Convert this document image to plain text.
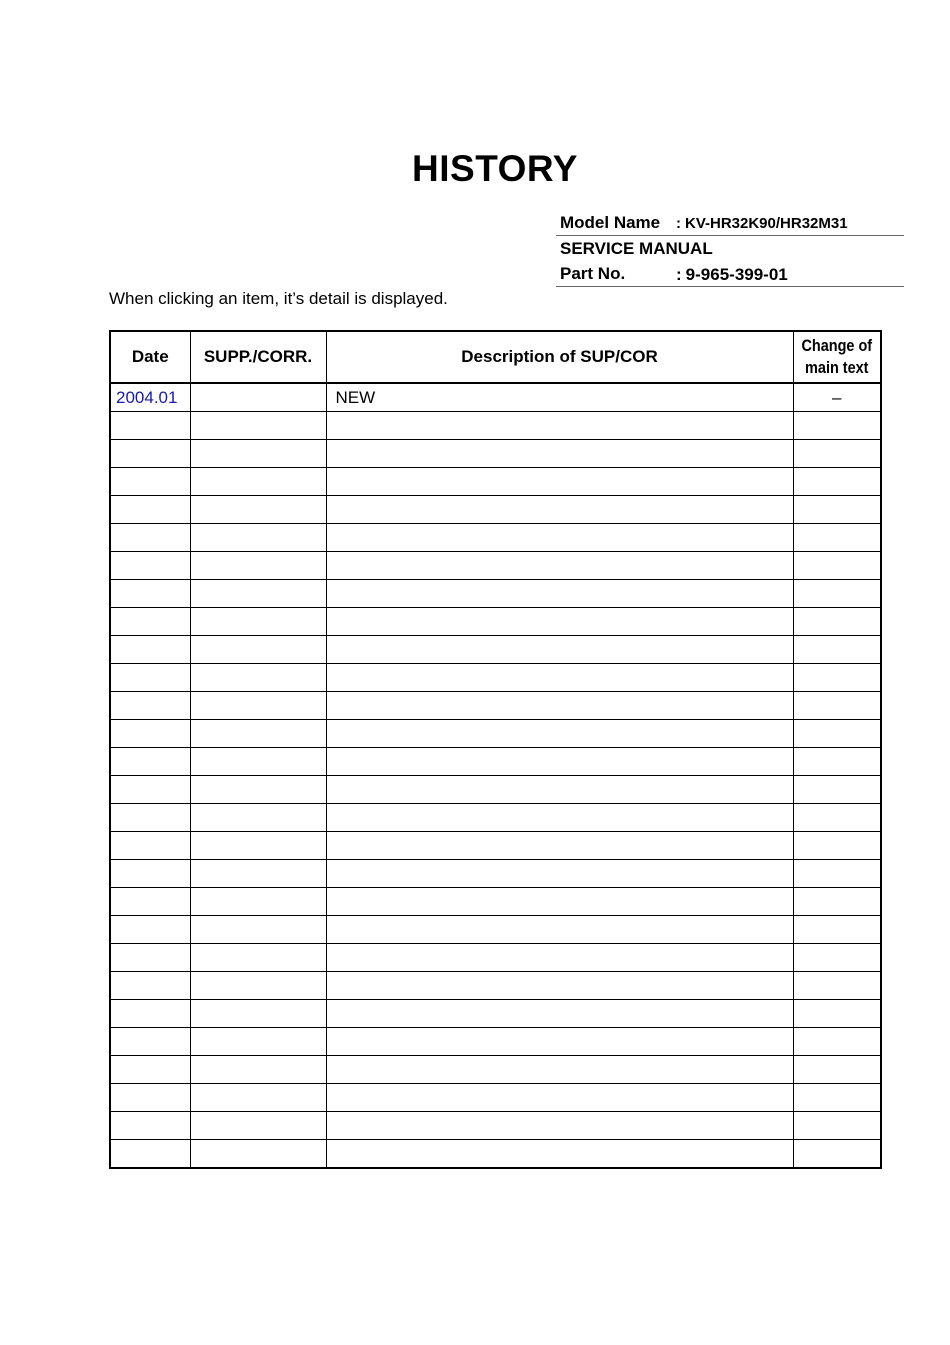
HISTORY
Model Name : KV-HR32K90/HR32M31
SERVICE MANUAL
Part No.	: 9-965-399-01
When clicking an item, it’s detail is displayed.
Date	SUPP./CORR.	Description of SUP/COR	Change of
main text
2004.01		NEW	–
